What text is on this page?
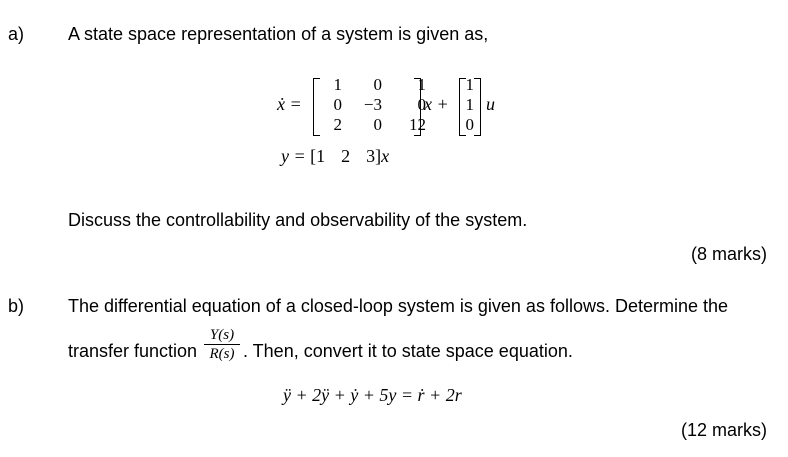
a) A state space representation of a system is given as,
ẋ =
1	0	1
0	−3	0
2	0	12
x +
1
1
0
u
y = [1 2 3]x
Discuss the controllability and observability of the system.
(8 marks)
b) The differential equation of a closed-loop system is given as follows. Determine the
transfer function
Y(s)
R(s) . Then, convert it to state space equation.
ÿ + 2ÿ + ẏ + 5y = ṙ + 2r
(12 marks)
